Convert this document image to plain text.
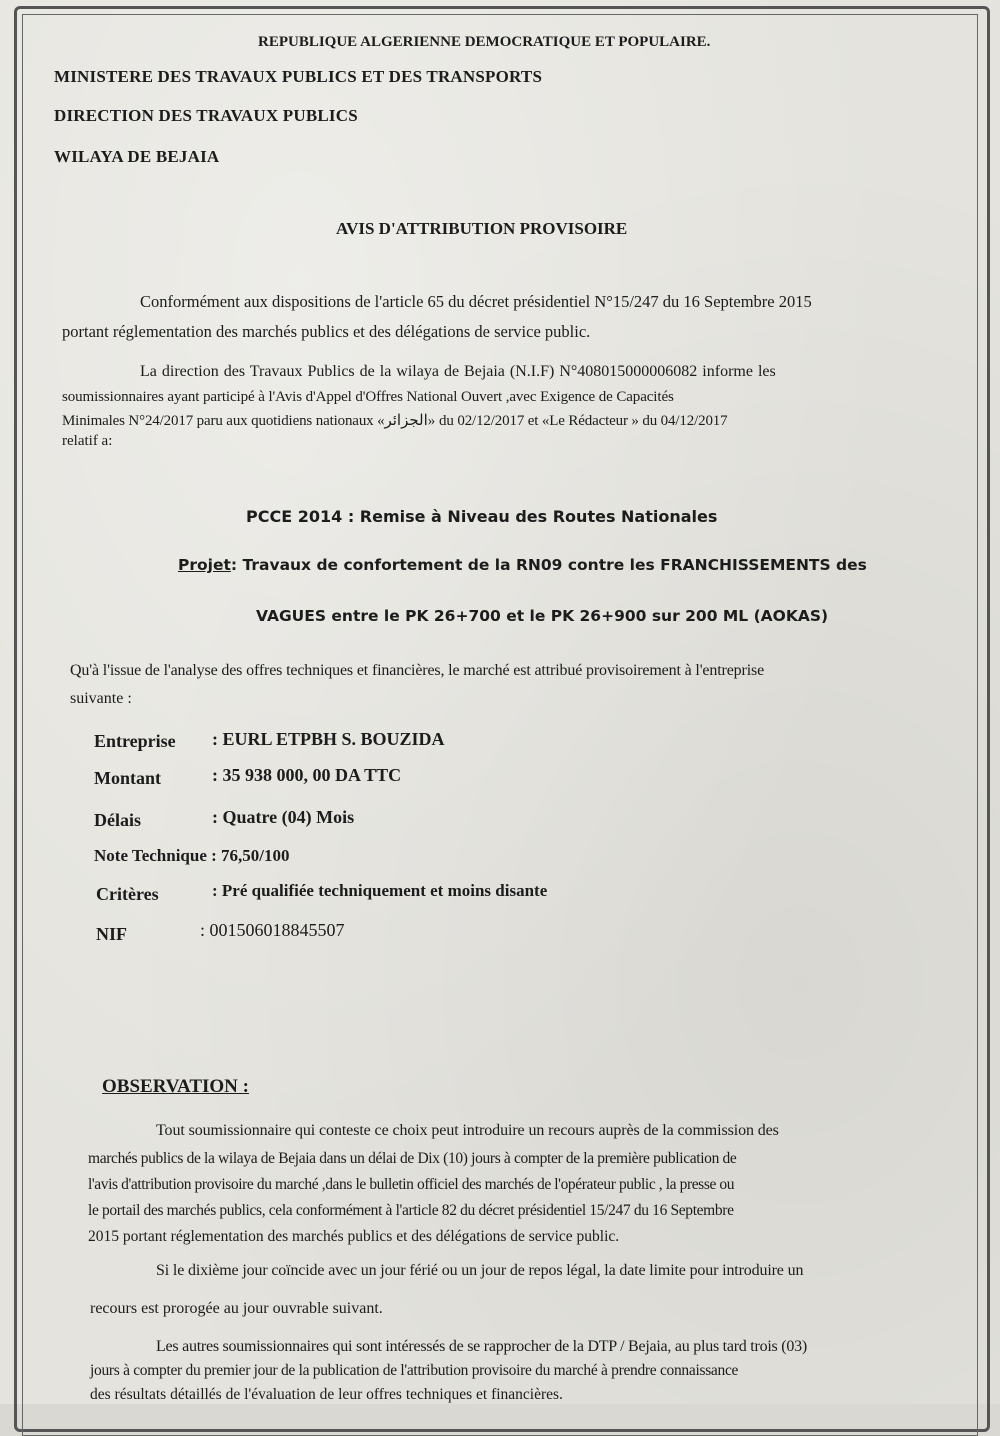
REPUBLIQUE ALGERIENNE DEMOCRATIQUE ET POPULAIRE.
MINISTERE DES TRAVAUX PUBLICS ET DES TRANSPORTS
DIRECTION DES TRAVAUX PUBLICS
WILAYA DE BEJAIA
AVIS D'ATTRIBUTION PROVISOIRE
Conformément aux dispositions de l'article 65 du décret présidentiel N°15/247 du 16 Septembre 2015
portant réglementation des marchés publics et des délégations de service public.
La direction des Travaux Publics de la wilaya de Bejaia (N.I.F) N°408015000006082 informe les
soumissionnaires ayant participé à l'Avis d'Appel d'Offres National Ouvert ,avec Exigence de Capacités
Minimales N°24/2017 paru aux quotidiens nationaux «الجزائر» du 02/12/2017 et «Le Rédacteur » du 04/12/2017
relatif a:
PCCE 2014 : Remise à Niveau des Routes Nationales
Projet: Travaux de confortement de la RN09 contre les FRANCHISSEMENTS des
VAGUES entre le PK 26+700 et le PK 26+900 sur 200 ML (AOKAS)
Qu'à l'issue de l'analyse des offres techniques et financières, le marché est attribué provisoirement à l'entreprise
suivante :
Entreprise : EURL ETPBH S. BOUZIDA
Montant	: 35 938 000, 00 DA TTC
Délais	: Quatre (04) Mois
Note Technique : 76,50/100
Critères	: Pré qualifiée techniquement et moins disante
NIF	: 001506018845507
OBSERVATION :
Tout soumissionnaire qui conteste ce choix peut introduire un recours auprès de la commission des
marchés publics de la wilaya de Bejaia dans un délai de Dix (10) jours à compter de la première publication de
l'avis d'attribution provisoire du marché ,dans le bulletin officiel des marchés de l'opérateur public , la presse ou
le portail des marchés publics, cela conformément à l'article 82 du décret présidentiel 15/247 du 16 Septembre
2015 portant réglementation des marchés publics et des délégations de service public.
Si le dixième jour coïncide avec un jour férié ou un jour de repos légal, la date limite pour introduire un
recours est prorogée au jour ouvrable suivant.
Les autres soumissionnaires qui sont intéressés de se rapprocher de la DTP / Bejaia, au plus tard trois (03)
jours à compter du premier jour de la publication de l'attribution provisoire du marché à prendre connaissance
des résultats détaillés de l'évaluation de leur offres techniques et financières.
